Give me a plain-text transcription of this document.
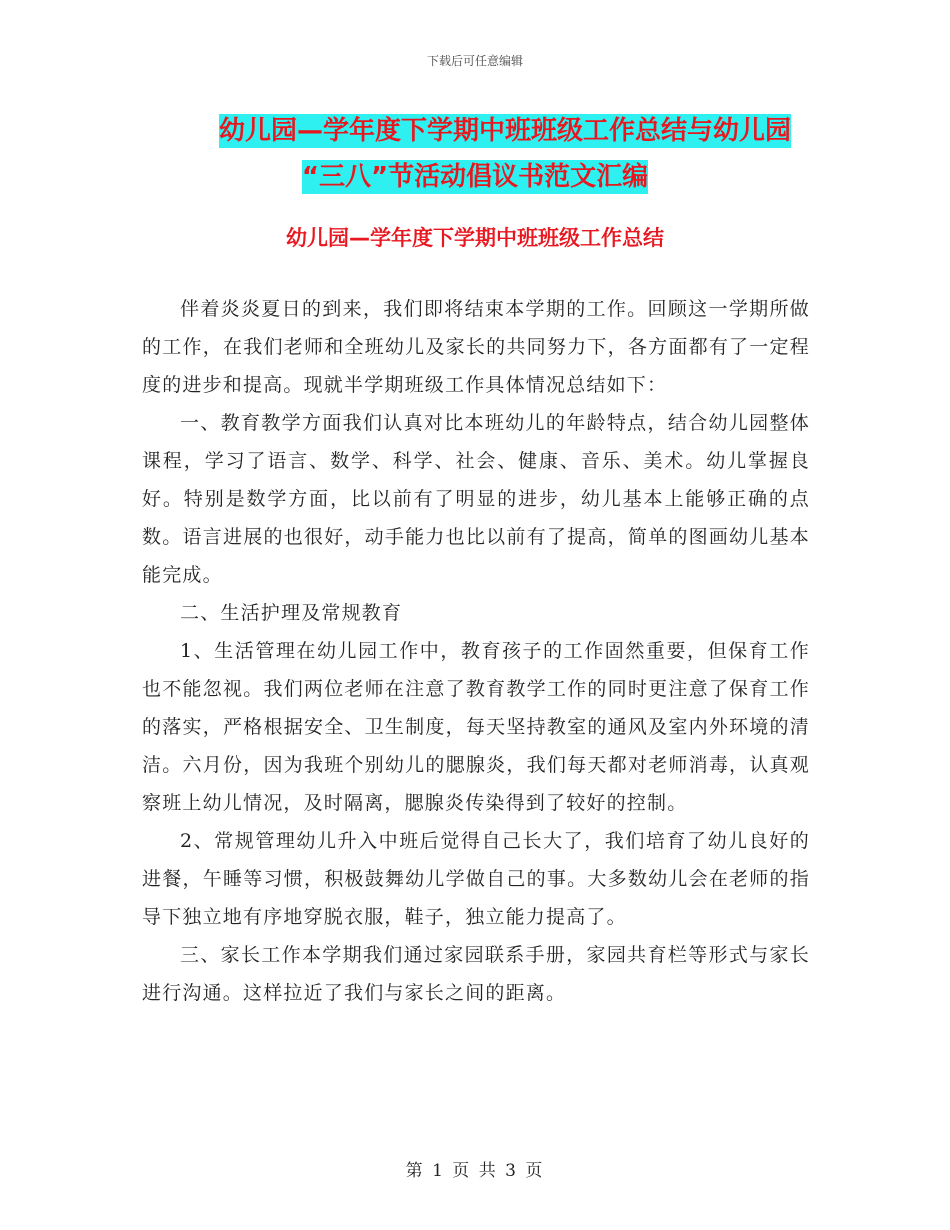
下载后可任意编辑
幼儿园—学年度下学期中班班级工作总结与幼儿园
“三八”节活动倡议书范文汇编
幼儿园—学年度下学期中班班级工作总结

伴着炎炎夏日的到来，我们即将结束本学期的工作。回顾这一学期所做的工作，在我们老师和全班幼儿及家长的共同努力下，各方面都有了一定程度的进步和提高。现就半学期班级工作具体情况总结如下：

一、教育教学方面我们认真对比本班幼儿的年龄特点，结合幼儿园整体课程，学习了语言、数学、科学、社会、健康、音乐、美术。幼儿掌握良好。特别是数学方面，比以前有了明显的进步，幼儿基本上能够正确的点数。语言进展的也很好，动手能力也比以前有了提高，简单的图画幼儿基本能完成。

二、生活护理及常规教育

1、生活管理在幼儿园工作中，教育孩子的工作固然重要，但保育工作也不能忽视。我们两位老师在注意了教育教学工作的同时更注意了保育工作的落实，严格根据安全、卫生制度，每天坚持教室的通风及室内外环境的清洁。六月份，因为我班个别幼儿的腮腺炎，我们每天都对老师消毒，认真观察班上幼儿情况，及时隔离，腮腺炎传染得到了较好的控制。

2、常规管理幼儿升入中班后觉得自己长大了，我们培育了幼儿良好的进餐，午睡等习惯，积极鼓舞幼儿学做自己的事。大多数幼儿会在老师的指导下独立地有序地穿脱衣服，鞋子，独立能力提高了。

三、家长工作本学期我们通过家园联系手册，家园共育栏等形式与家长进行沟通。这样拉近了我们与家长之间的距离。

第 1 页 共 3 页
